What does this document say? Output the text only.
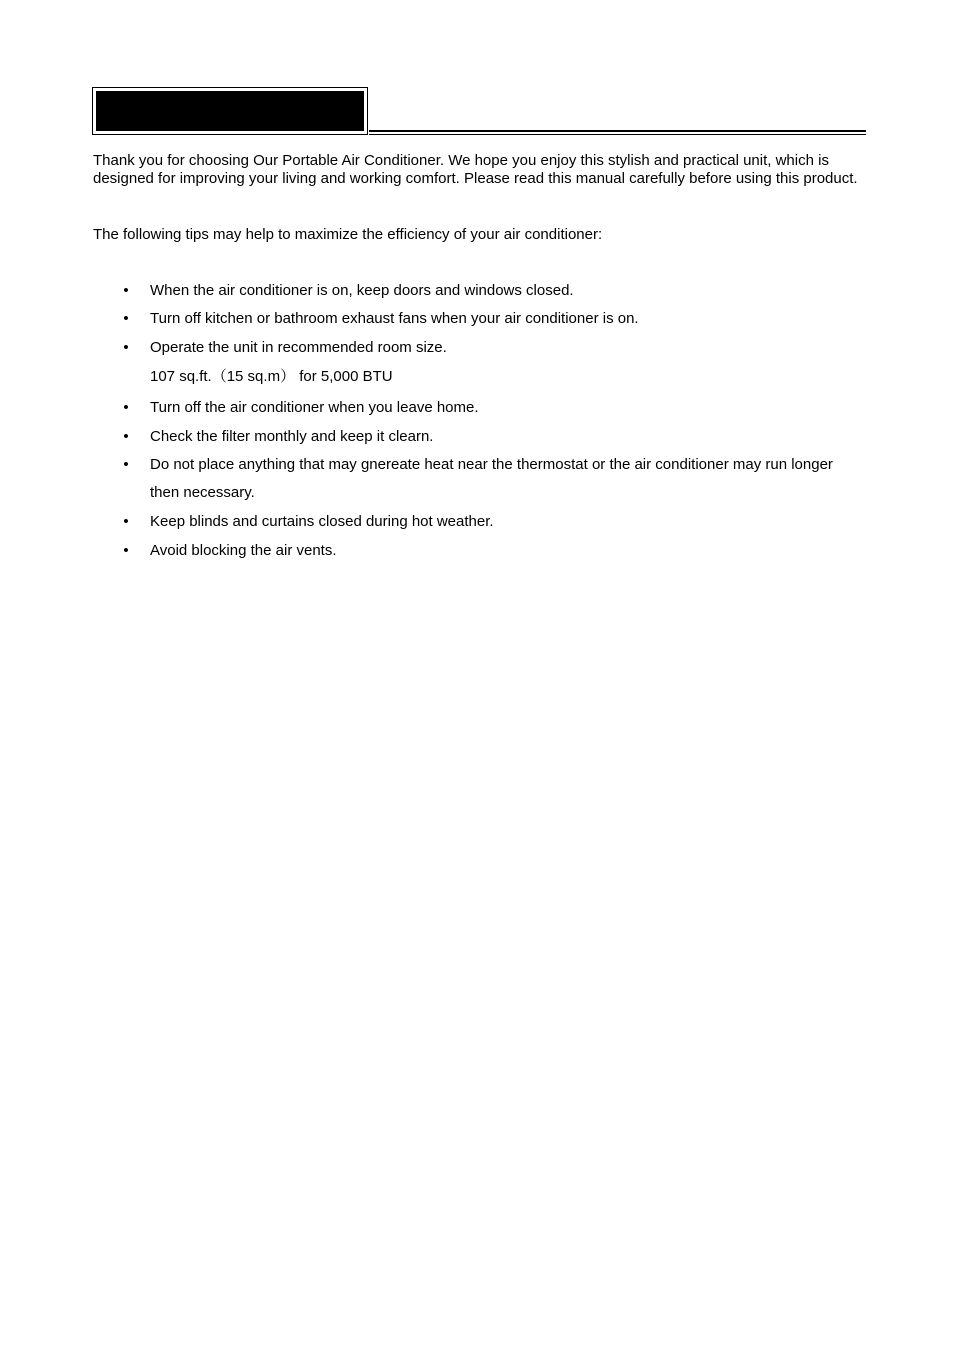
Thank you for choosing Our Portable Air Conditioner. We hope you enjoy this stylish and practical unit, which is designed for improving your living and working comfort. Please read this manual carefully before using this product.

The following tips may help to maximize the efficiency of your air conditioner:

• When the air conditioner is on, keep doors and windows closed.
• Turn off kitchen or bathroom exhaust fans when your air conditioner is on.
• Operate the unit in recommended room size.
107 sq.ft.（15 sq.m） for 5,000 BTU
• Turn off the air conditioner when you leave home.
• Check the filter monthly and keep it clearn.
• Do not place anything that may gnereate heat near the thermostat or the air conditioner may run longer then necessary.
• Keep blinds and curtains closed during hot weather.
• Avoid blocking the air vents.
